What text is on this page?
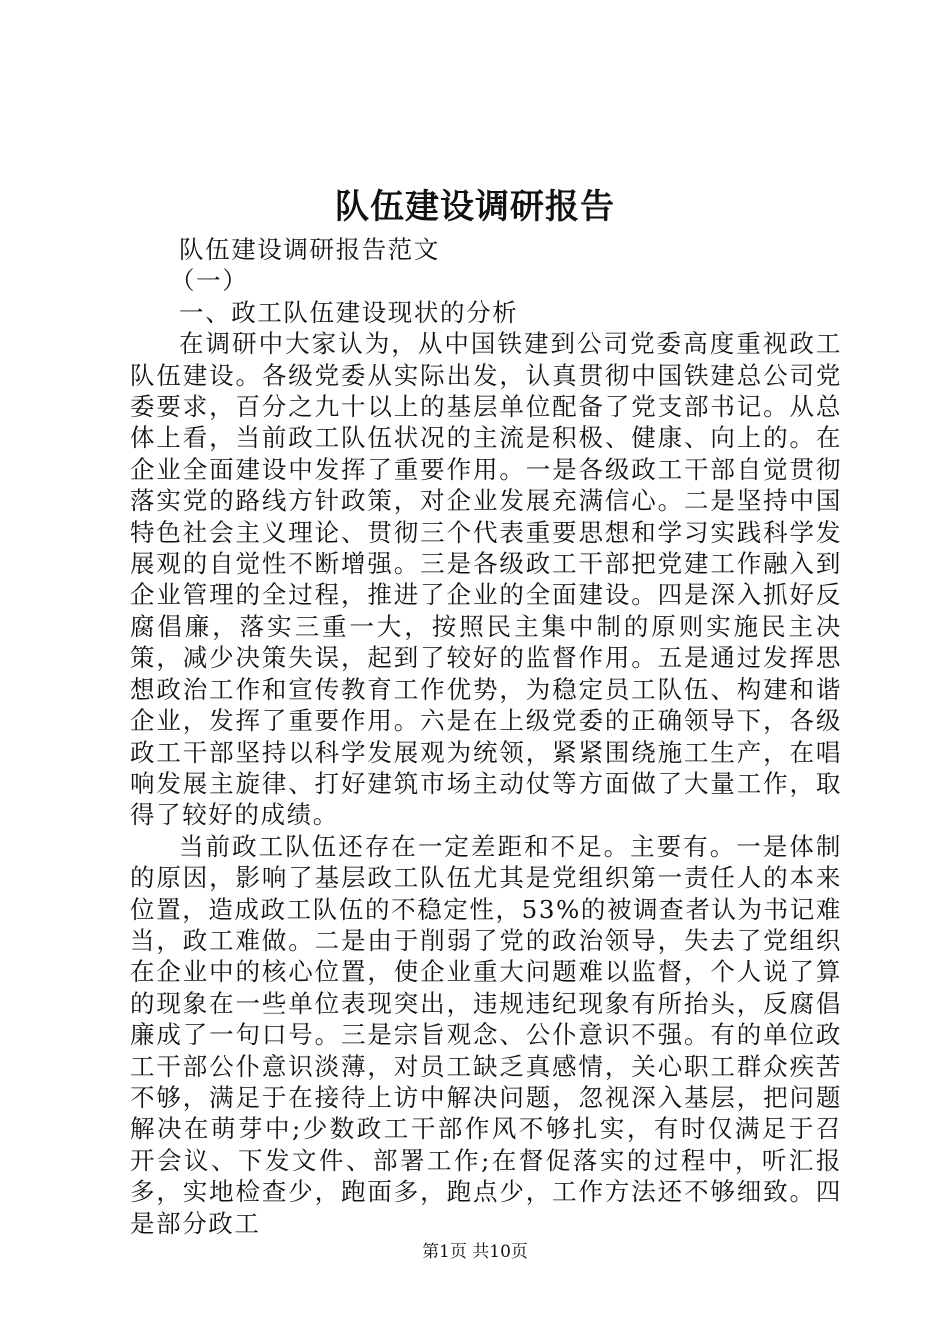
队伍建设调研报告

队伍建设调研报告范文

（一）

一、政工队伍建设现状的分析

在调研中大家认为，从中国铁建到公司党委高度重视政工队伍建设。各级党委从实际出发，认真贯彻中国铁建总公司党委要求，百分之九十以上的基层单位配备了党支部书记。从总体上看，当前政工队伍状况的主流是积极、健康、向上的。在企业全面建设中发挥了重要作用。一是各级政工干部自觉贯彻落实党的路线方针政策，对企业发展充满信心。二是坚持中国特色社会主义理论、贯彻三个代表重要思想和学习实践科学发展观的自觉性不断增强。三是各级政工干部把党建工作融入到企业管理的全过程，推进了企业的全面建设。四是深入抓好反腐倡廉，落实三重一大，按照民主集中制的原则实施民主决策，减少决策失误，起到了较好的监督作用。五是通过发挥思想政治工作和宣传教育工作优势，为稳定员工队伍、构建和谐企业，发挥了重要作用。六是在上级党委的正确领导下，各级政工干部坚持以科学发展观为统领，紧紧围绕施工生产，在唱响发展主旋律、打好建筑市场主动仗等方面做了大量工作，取得了较好的成绩。

当前政工队伍还存在一定差距和不足。主要有。一是体制的原因，影响了基层政工队伍尤其是党组织第一责任人的本来位置，造成政工队伍的不稳定性，53%的被调查者认为书记难当，政工难做。二是由于削弱了党的政治领导，失去了党组织在企业中的核心位置，使企业重大问题难以监督，个人说了算的现象在一些单位表现突出，违规违纪现象有所抬头，反腐倡廉成了一句口号。三是宗旨观念、公仆意识不强。有的单位政工干部公仆意识淡薄，对员工缺乏真感情，关心职工群众疾苦不够，满足于在接待上访中解决问题，忽视深入基层，把问题解决在萌芽中;少数政工干部作风不够扎实，有时仅满足于召开会议、下发文件、部署工作;在督促落实的过程中，听汇报多，实地检查少，跑面多，跑点少，工作方法还不够细致。四是部分政工

第1页 共10页
